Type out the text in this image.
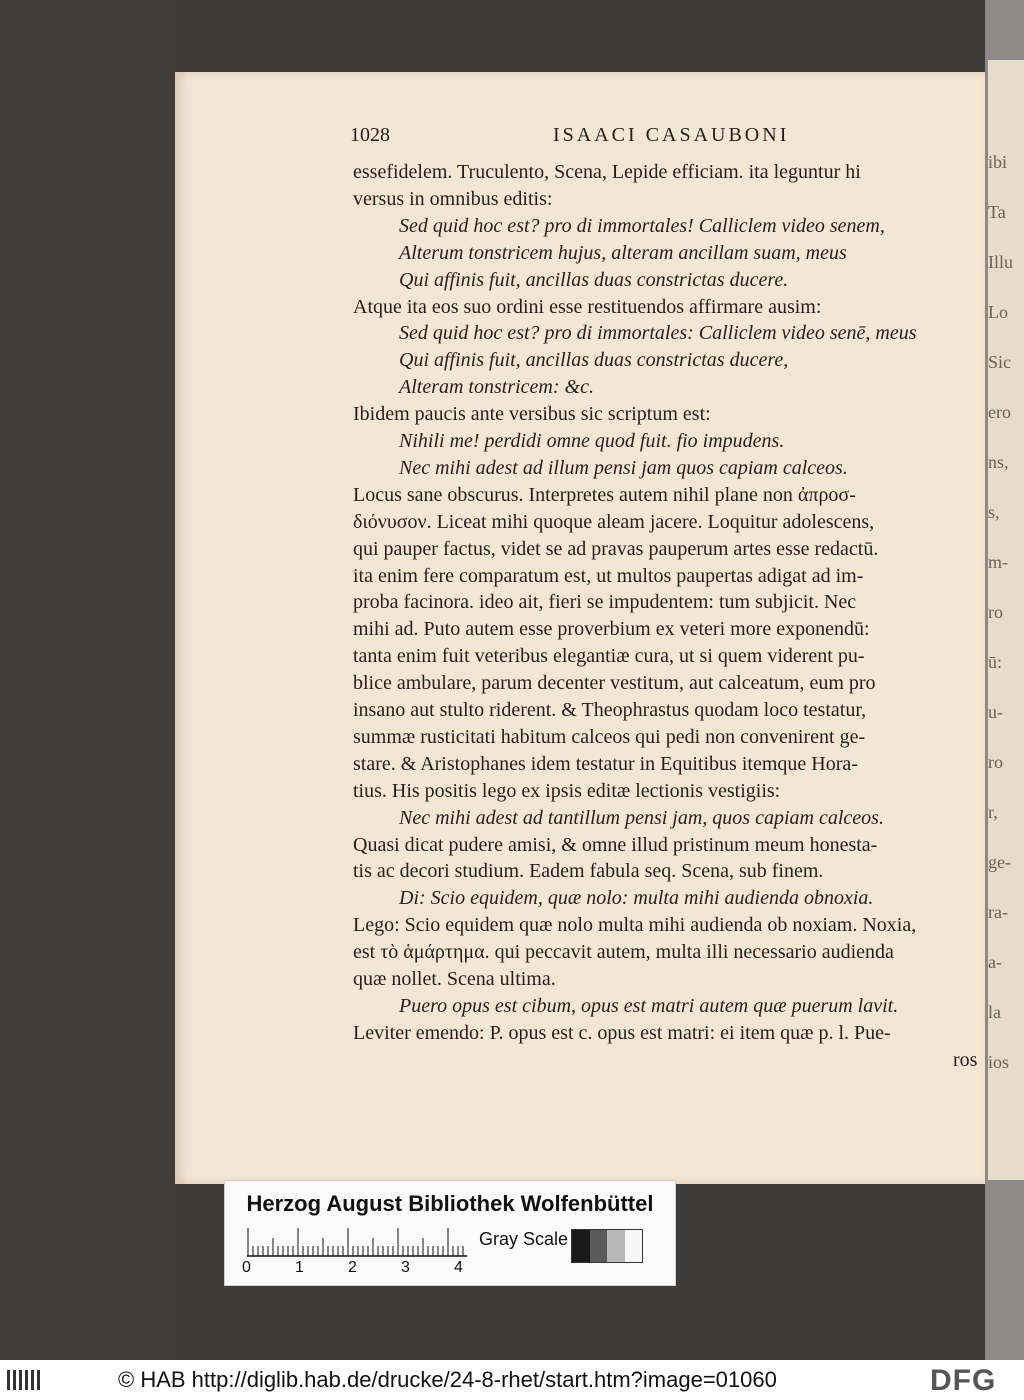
ibi
Ta
Illu
Lo
Sic
ero
ns,
s,
m-
ro
ū:
u-
ro
r,
ge-
ra-
a-
la
ios
1028	ISAACI CASAUBONI
essefidelem. Truculento, Scena, Lepide efficiam. ita leguntur hi
versus in omnibus editis:
Sed quid hoc est? pro di immortales! Calliclem video senem,
Alterum tonstricem hujus, alteram ancillam suam, meus
Qui affinis fuit, ancillas duas constrictas ducere.
Atque ita eos suo ordini esse restituendos affirmare ausim:
Sed quid hoc est? pro di immortales: Calliclem video senē, meus
Qui affinis fuit, ancillas duas constrictas ducere,
Alteram tonstricem: &c.
Ibidem paucis ante versibus sic scriptum est:
Nihili me! perdidi omne quod fuit. fio impudens.
Nec mihi adest ad illum pensi jam quos capiam calceos.
Locus sane obscurus. Interpretes autem nihil plane non ἀπροσ-
διόνυσον. Liceat mihi quoque aleam jacere. Loquitur adolescens,
qui pauper factus, videt se ad pravas pauperum artes esse redactū.
ita enim fere comparatum est, ut multos paupertas adigat ad im-
proba facinora. ideo ait, fieri se impudentem: tum subjicit. Nec
mihi ad. Puto autem esse proverbium ex veteri more exponendū:
tanta enim fuit veteribus elegantiæ cura, ut si quem viderent pu-
blice ambulare, parum decenter vestitum, aut calceatum, eum pro
insano aut stulto riderent. & Theophrastus quodam loco testatur,
summæ rusticitati habitum calceos qui pedi non convenirent ge-
stare. & Aristophanes idem testatur in Equitibus itemque Hora-
tius. His positis lego ex ipsis editæ lectionis vestigiis:
Nec mihi adest ad tantillum pensi jam, quos capiam calceos.
Quasi dicat pudere amisi, & omne illud pristinum meum honesta-
tis ac decori studium. Eadem fabula seq. Scena, sub finem.
Di: Scio equidem, quæ nolo: multa mihi audienda obnoxia.
Lego: Scio equidem quæ nolo multa mihi audienda ob noxiam. Noxia,
est τὸ ἁμάρτημα. qui peccavit autem, multa illi necessario audienda
quæ nollet. Scena ultima.
Puero opus est cibum, opus est matri autem quæ puerum lavit.
Leviter emendo: P. opus est c. opus est matri: ei item quæ p. l. Pue-
ros
Herzog August Bibliothek Wolfenbüttel
0	1	2	3	4
Gray Scale
© HAB http://diglib.hab.de/drucke/24-8-rhet/start.htm?image=01060	DFG
